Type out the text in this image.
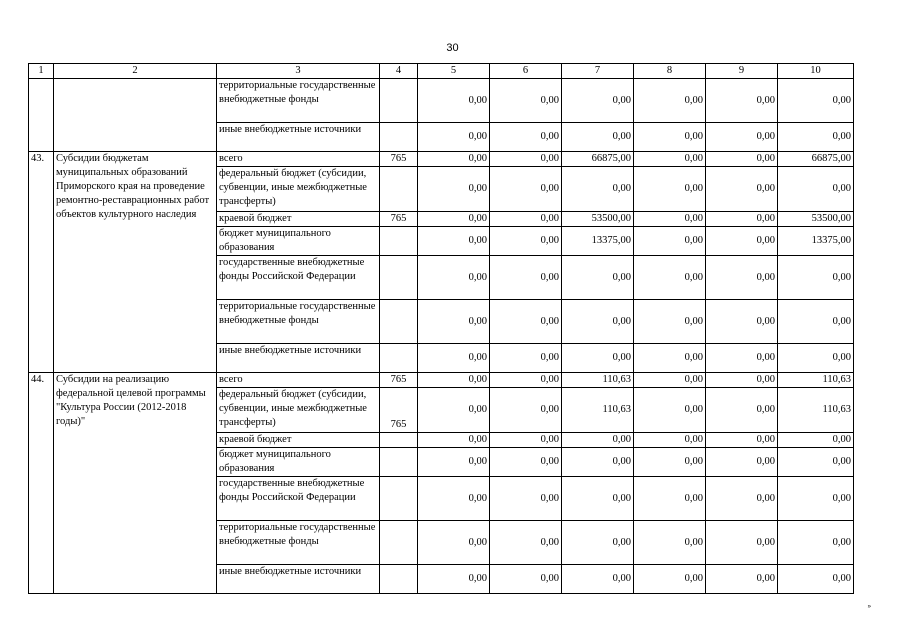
30
1	2	3	4	5	6	7	8	9	10
		территориальные государственные внебюджетные фонды		0,00	0,00	0,00	0,00	0,00	0,00
		иные внебюджетные источники		0,00	0,00	0,00	0,00	0,00	0,00
43.	Субсидии бюджетам муниципальных образований Приморского края на проведение ремонтно-реставрационных работ объектов культурного наследия	всего	765	0,00	0,00	66875,00	0,00	0,00	66875,00
		федеральный бюджет (субсидии, субвенции, иные межбюджетные трансферты)		0,00	0,00	0,00	0,00	0,00	0,00
		краевой бюджет	765	0,00	0,00	53500,00	0,00	0,00	53500,00
		бюджет муниципального образования		0,00	0,00	13375,00	0,00	0,00	13375,00
		государственные внебюджетные фонды Российской Федерации		0,00	0,00	0,00	0,00	0,00	0,00
		территориальные государственные внебюджетные фонды		0,00	0,00	0,00	0,00	0,00	0,00
		иные внебюджетные источники		0,00	0,00	0,00	0,00	0,00	0,00
44.	Субсидии на реализацию федеральной целевой программы "Культура России (2012-2018 годы)"	всего	765	0,00	0,00	110,63	0,00	0,00	110,63
		федеральный бюджет (субсидии, субвенции, иные межбюджетные трансферты)	765	0,00	0,00	110,63	0,00	0,00	110,63
		краевой бюджет		0,00	0,00	0,00	0,00	0,00	0,00
		бюджет муниципального образования		0,00	0,00	0,00	0,00	0,00	0,00
		государственные внебюджетные фонды Российской Федерации		0,00	0,00	0,00	0,00	0,00	0,00
		территориальные государственные внебюджетные фонды		0,00	0,00	0,00	0,00	0,00	0,00
		иные внебюджетные источники		0,00	0,00	0,00	0,00	0,00	0,00
»
